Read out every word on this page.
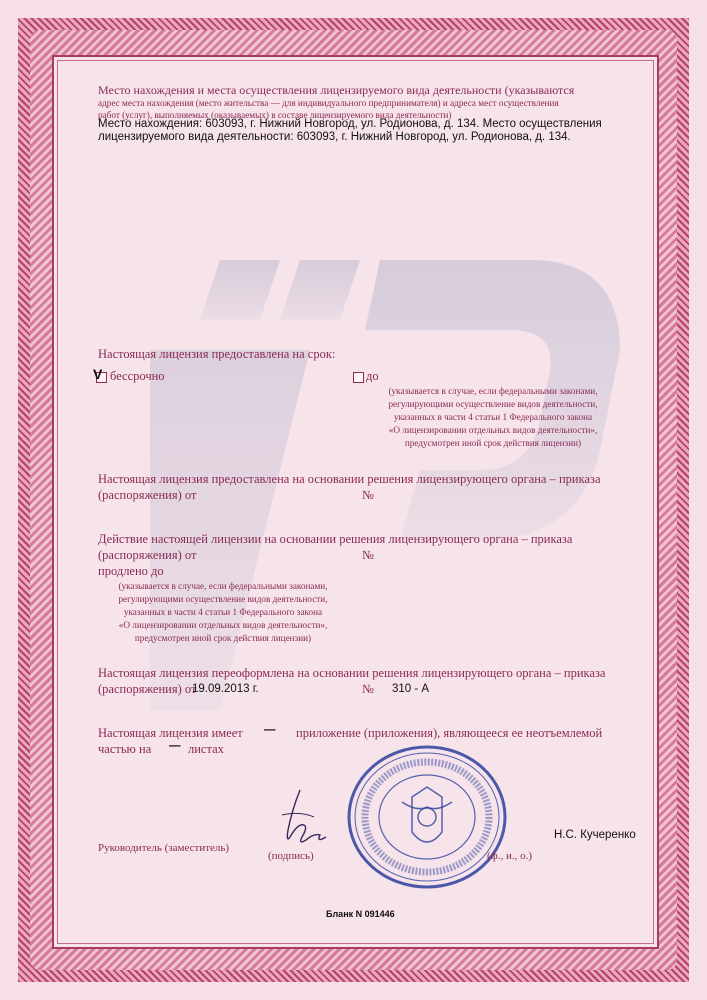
Место нахождения и места осуществления лицензируемого вида деятельности (указываются
адрес места нахождения (место жительства — для индивидуального предпринимателя) и адреса мест осуществления
работ (услуг), выполняемых (оказываемых) в составе лицензируемого вида деятельности)
Место нахождения: 603093, г. Нижний Новгород, ул. Родионова, д. 134. Место осуществления
лицензируемого вида деятельности: 603093, г. Нижний Новгород, ул. Родионова, д. 134.
Настоящая лицензия предоставлена на срок:
V бессрочно	до
(указывается в случае, если федеральными законами,
регулирующими осуществление видов деятельности,
указанных в части 4 статьи 1 Федерального закона
«О лицензировании отдельных видов деятельности»,
предусмотрен иной срок действия лицензии)
Настоящая лицензия предоставлена на основании решения лицензирующего органа – приказа
(распоряжения) от	№
Действие настоящей лицензии на основании решения лицензирующего органа – приказа
(распоряжения) от	№
продлено до
(указывается в случае, если федеральными законами,
регулирующими осуществление видов деятельности,
указанных в части 4 статьи 1 Федерального закона
«О лицензировании отдельных видов деятельности»,
предусмотрен иной срок действия лицензии)
Настоящая лицензия переоформлена на основании решения лицензирующего органа – приказа
(распоряжения) от
19.09.2013 г.	№ 310 - А
Настоящая лицензия имеет — приложение (приложения), являющееся ее неотъемлемой
частью на — листах
Руководитель (заместитель)
(подпись)	(ф., и., о.)
Н.С. Кучеренко
Бланк N 091446
